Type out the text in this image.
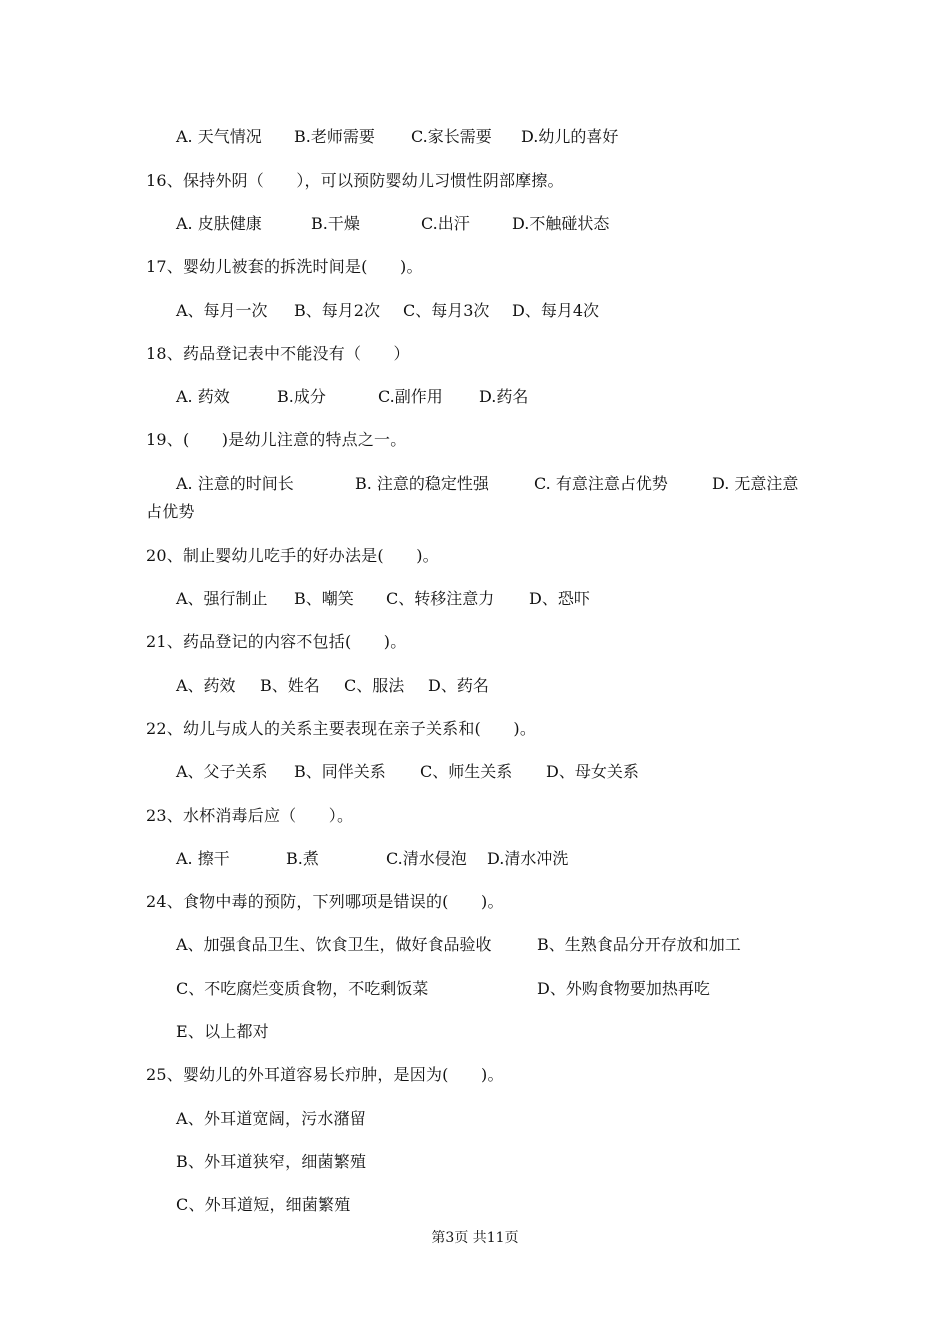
A. 天气情况 B.老师需要 C.家长需要 D.幼儿的喜好
16、保持外阴（　　），可以预防婴幼儿习惯性阴部摩擦。
A. 皮肤健康	B.干燥	C.出汗	D.不触碰状态
17、婴幼儿被套的拆洗时间是(　　)。
A、每月一次 B、每月2次 C、每月3次 D、每月4次
18、药品登记表中不能没有（　　）
A. 药效	B.成分	C.副作用 D.药名
19、(　　)是幼儿注意的特点之一。
A. 注意的时间长	B. 注意的稳定性强	C. 有意注意占优势	D. 无意注意
占优势
20、制止婴幼儿吃手的好办法是(　　)。
A、强行制止 B、嘲笑 C、转移注意力 D、恐吓
21、药品登记的内容不包括(　　)。
A、药效 B、姓名 C、服法 D、药名
22、幼儿与成人的关系主要表现在亲子关系和(　　)。
A、父子关系 B、同伴关系 C、师生关系 D、母女关系
23、水杯消毒后应（　　）。
A. 擦干	B.煮	C.清水侵泡 D.清水冲洗
24、食物中毒的预防，下列哪项是错误的(　　)。
A、加强食品卫生、饮食卫生，做好食品验收	B、生熟食品分开存放和加工
C、不吃腐烂变质食物，不吃剩饭菜	D、外购食物要加热再吃
E、以上都对
25、婴幼儿的外耳道容易长疖肿，是因为(　　)。
A、外耳道宽阔，污水潴留
B、外耳道狭窄，细菌繁殖
C、外耳道短，细菌繁殖
第3页 共11页
